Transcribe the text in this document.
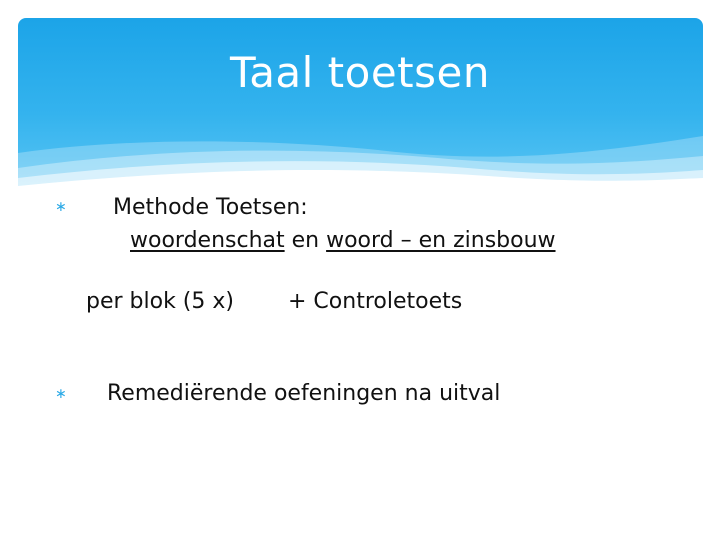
Taal toetsen
∗ Methode Toetsen:
woordenschat en woord – en zinsbouw
per blok (5 x) + Controletoets
∗ Remediërende oefeningen na uitval
